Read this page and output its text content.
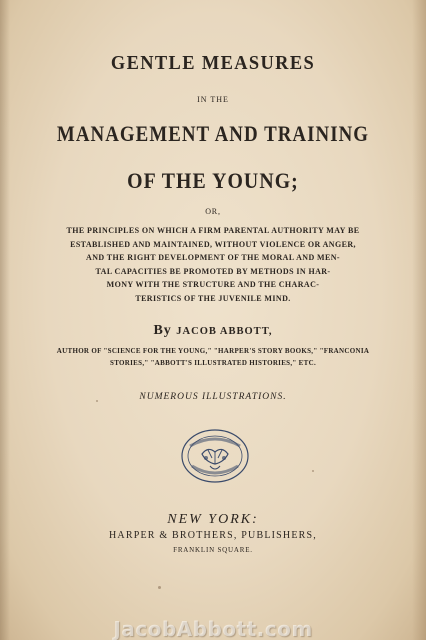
GENTLE MEASURES
IN THE
MANAGEMENT AND TRAINING
OF THE YOUNG;
OR,
THE PRINCIPLES ON WHICH A FIRM PARENTAL AUTHORITY MAY BE
ESTABLISHED AND MAINTAINED, WITHOUT VIOLENCE OR ANGER,
AND THE RIGHT DEVELOPMENT OF THE MORAL AND MEN-
TAL CAPACITIES BE PROMOTED BY METHODS IN HAR-
MONY WITH THE STRUCTURE AND THE CHARAC-
TERISTICS OF THE JUVENILE MIND.
By JACOB ABBOTT,
AUTHOR OF "SCIENCE FOR THE YOUNG," "HARPER'S STORY BOOKS," "FRANCONIA
STORIES," "ABBOTT'S ILLUSTRATED HISTORIES," ETC.
NUMEROUS ILLUSTRATIONS.
NEW YORK:
HARPER & BROTHERS, PUBLISHERS,
FRANKLIN SQUARE.
JacobAbbott.com
